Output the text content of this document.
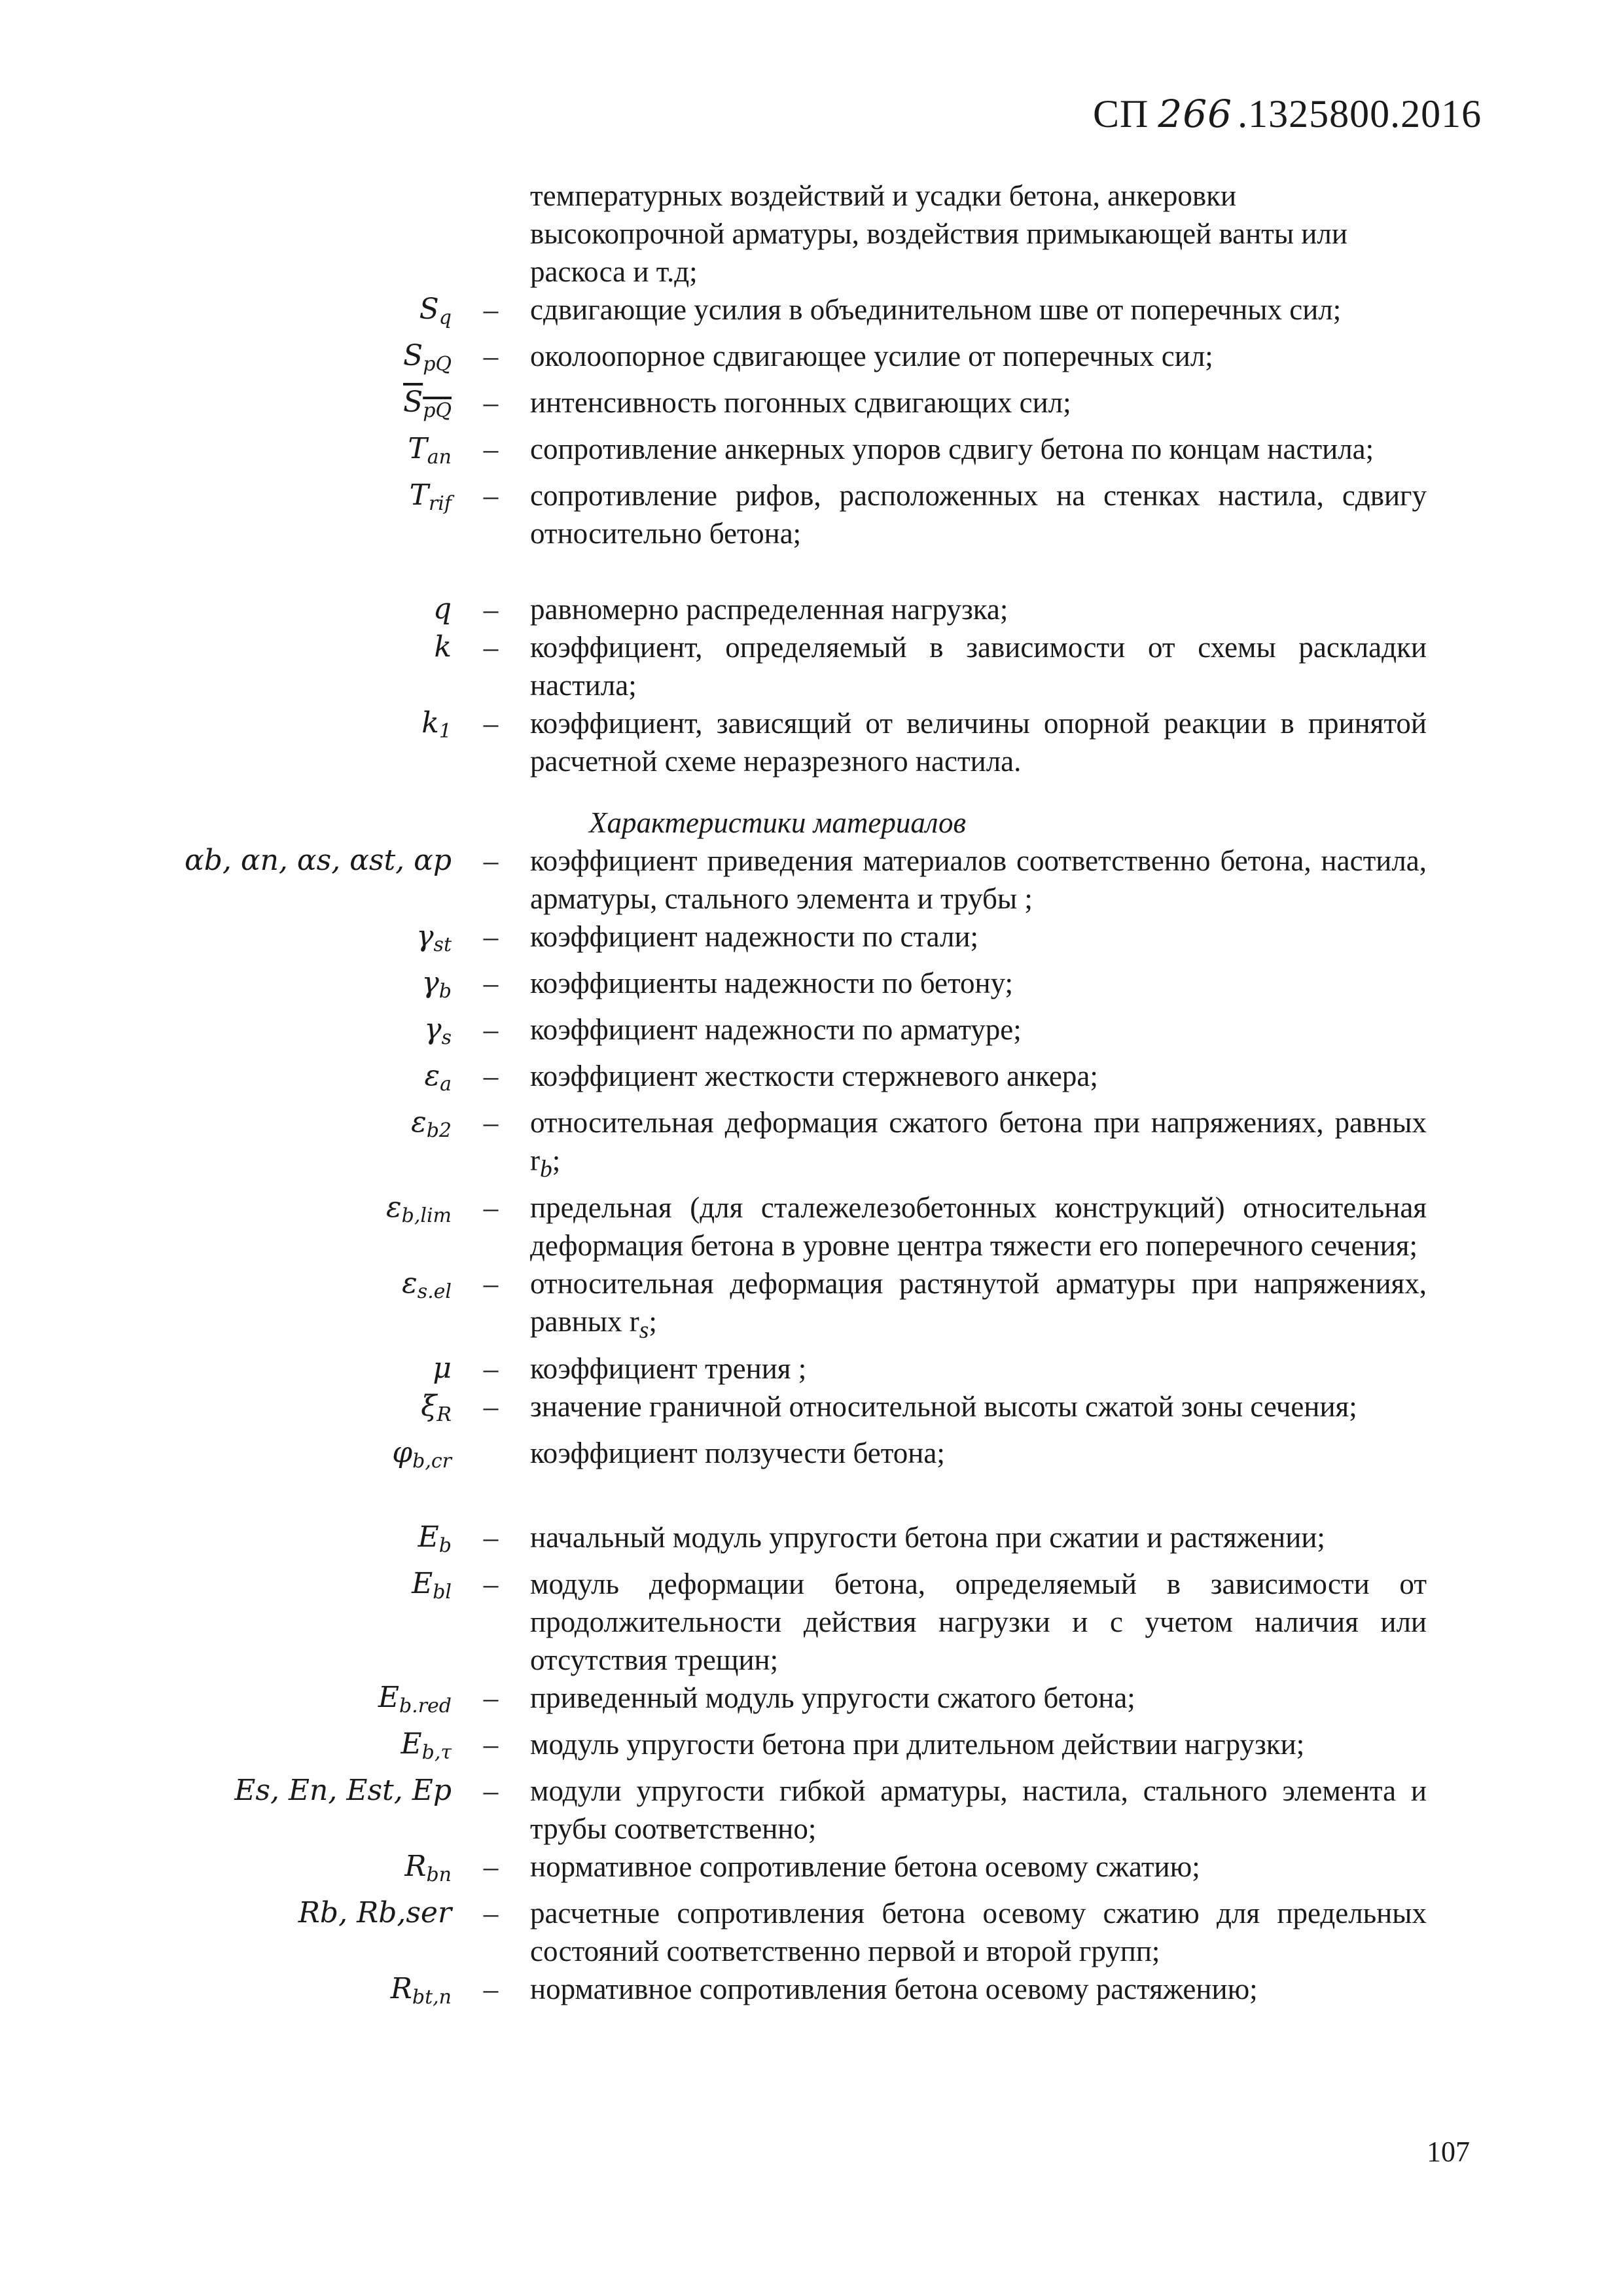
СП 266 .1325800.2016
температурных воздействий и усадки бетона, анкеровки высокопрочной арматуры, воздействия примыкающей ванты или раскоса и т.д;
$S_q$	–	сдвигающие усилия в объединительном шве от поперечных сил;
$S_{pQ}$	–	околоопорное сдвигающее усилие от поперечных сил;
$S_{pQ}$	–	интенсивность погонных сдвигающих сил;
$T_{an}$	–	сопротивление анкерных упоров сдвигу бетона по концам настила;
$T_{rif}$	–	сопротивление рифов, расположенных на стенках настила, сдвигу относительно бетона;
q	–	равномерно распределенная нагрузка;
k	–	коэффициент, определяемый в зависимости от схемы раскладки настила;
$k_1$	–	коэффициент, зависящий от величины опорной реакции в принятой расчетной схеме неразрезного настила.
Характеристики материалов
αb, αn, αs, αst, αp	–	коэффициент приведения материалов соответственно бетона, настила, арматуры, стального элемента и трубы ;
$\gamma_{st}$	–	коэффициент надежности по стали;
$\gamma_b$	–	коэффициенты надежности по бетону;
$\gamma_s$	–	коэффициент надежности по арматуре;
$\varepsilon_a$	–	коэффициент жесткости стержневого анкера;
$\varepsilon_{b2}$	–	относительная деформация сжатого бетона при напряжениях, равных $r_b$;
$\varepsilon_{b,lim}$	–	предельная (для сталежелезобетонных конструкций) относительная деформация бетона в уровне центра тяжести его поперечного сечения;
$\varepsilon_{s.el}$	–	относительная деформация растянутой арматуры при напряжениях, равных $r_s$;
μ	–	коэффициент трения ;
$\xi_R$	–	значение граничной относительной высоты сжатой зоны сечения;
$\varphi_{b,cr}$	коэффициент ползучести бетона;
$E_b$	–	начальный модуль упругости бетона при сжатии и растяжении;
$E_{bl}$	–	модуль деформации бетона, определяемый в зависимости от продолжительности действия нагрузки и с учетом наличия или отсутствия трещин;
$E_{b.red}$	–	приведенный модуль упругости сжатого бетона;
$E_{b,\tau}$	–	модуль упругости бетона при длительном действии нагрузки;
Es, En, Est, Ep	–	модули упругости гибкой арматуры, настила, стального элемента и трубы соответственно;
$R_{bn}$	–	нормативное сопротивление бетона осевому сжатию;
Rb, Rb,ser	–	расчетные сопротивления бетона осевому сжатию для предельных состояний соответственно первой и второй групп;
$R_{bt,n}$	–	нормативное сопротивления бетона осевому растяжению;
107
